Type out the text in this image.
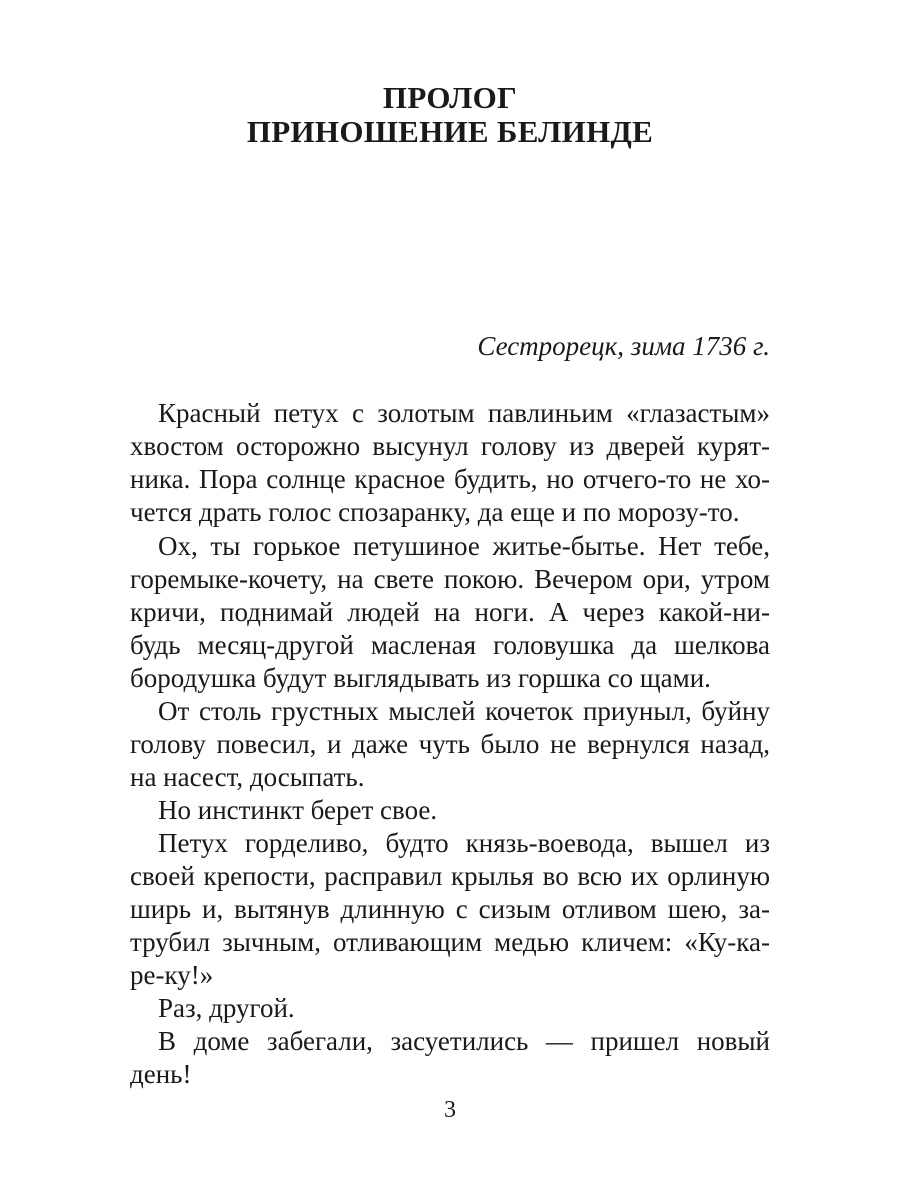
ПРОЛОГ
ПРИНОШЕНИЕ БЕЛИНДЕ
Сестрорецк, зима 1736 г.
Красный петух с золотым павлиньим «глазастым»
хвостом осторожно высунул голову из дверей курят-
ника. Пора солнце красное будить, но отчего-то не хо-
чется драть голос спозаранку, да еще и по морозу-то.
Ох, ты горькое петушиное житье-бытье. Нет тебе,
горемыке-кочету, на свете покою. Вечером ори, утром
кричи, поднимай людей на ноги. А через какой-ни-
будь месяц-другой масленая головушка да шелкова
бородушка будут выглядывать из горшка со щами.
От столь грустных мыслей кочеток приуныл, буйну
голову повесил, и даже чуть было не вернулся назад,
на насест, досыпать.
Но инстинкт берет свое.
Петух горделиво, будто князь-воевода, вышел из
своей крепости, расправил крылья во всю их орлиную
ширь и, вытянув длинную с сизым отливом шею, за-
трубил зычным, отливающим медью кличем: «Ку-ка-
ре-ку!»
Раз, другой.
В доме забегали, засуетились — пришел новый
день!
3
